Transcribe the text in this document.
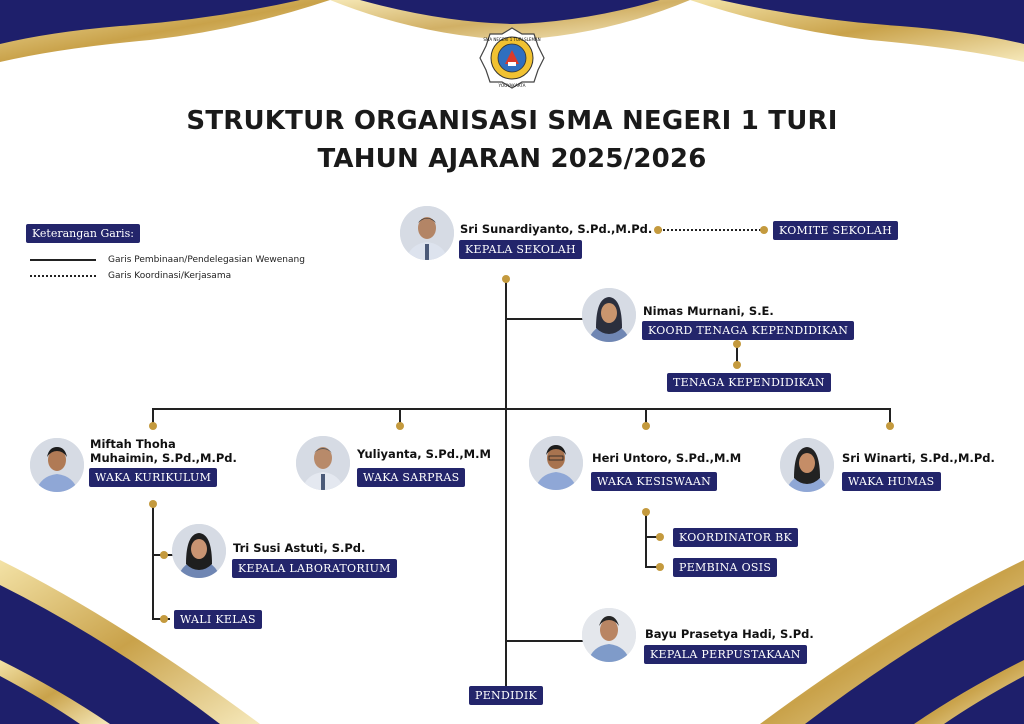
SMA NEGERI 1 TURI SLEMAN
YOGYAKARTA
STRUKTUR ORGANISASI SMA NEGERI 1 TURI
TAHUN AJARAN 2025/2026
Keterangan Garis:
Garis Pembinaan/Pendelegasian Wewenang
Garis Koordinasi/Kerjasama
Sri Sunardiyanto, S.Pd.,M.Pd.
KEPALA SEKOLAH
KOMITE SEKOLAH
Nimas Murnani, S.E.
KOORD TENAGA KEPENDIDIKAN
TENAGA KEPENDIDIKAN
Miftah Thoha
Muhaimin, S.Pd.,M.Pd.
WAKA KURIKULUM
Yuliyanta, S.Pd.,M.M
WAKA SARPRAS
Heri Untoro, S.Pd.,M.M
WAKA KESISWAAN
Sri Winarti, S.Pd.,M.Pd.
WAKA HUMAS
Tri Susi Astuti, S.Pd.
KEPALA LABORATORIUM
WALI KELAS
KOORDINATOR BK
PEMBINA OSIS
Bayu Prasetya Hadi, S.Pd.
KEPALA PERPUSTAKAAN
PENDIDIK
